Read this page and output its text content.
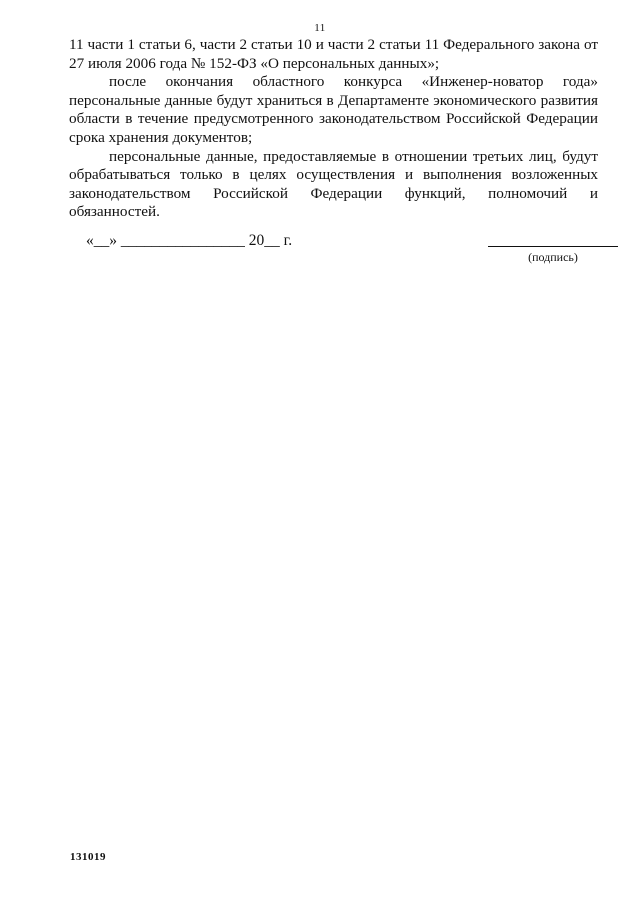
11

11 части 1 статьи 6, части 2 статьи 10 и части 2 статьи 11 Федерального закона от 27 июля 2006 года № 152-ФЗ «О персональных данных»;

после окончания областного конкурса «Инженер-новатор года» персональные данные будут храниться в Департаменте экономического развития области в течение предусмотренного законодательством Российской Федерации срока хранения документов;

персональные данные, предоставляемые в отношении третьих лиц, будут обрабатываться только в целях осуществления и выполнения возложенных законодательством Российской Федерации функций, полномочий и обязанностей.

«__» ________________ 20__ г.
(подпись)
131019
